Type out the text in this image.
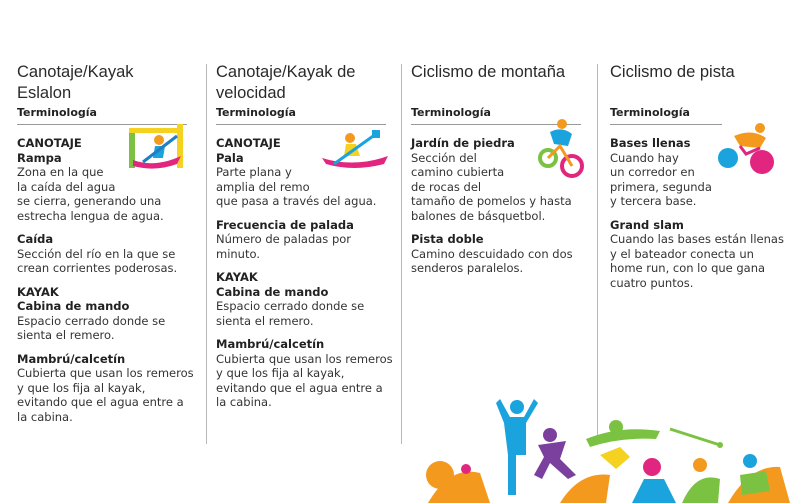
Canotaje/Kayak
Eslalon
Terminología
CANOTAJE
Rampa
Zona en la que
la caída del agua
se cierra, generando una
estrecha lengua de agua.
Caída
Sección del río en la que se
crean corrientes poderosas.
KAYAK
Cabina de mando
Espacio cerrado donde se
sienta el remero.
Mambrú/calcetín
Cubierta que usan los remeros
y que los fija al kayak,
evitando que el agua entre a
la cabina.
Canotaje/Kayak de
velocidad
Terminología
CANOTAJE
Pala
Parte plana y
amplia del remo
que pasa a través del agua.
Frecuencia de palada
Número de paladas por
minuto.
KAYAK
Cabina de mando
Espacio cerrado donde se
sienta el remero.
Mambrú/calcetín
Cubierta que usan los remeros
y que los fija al kayak,
evitando que el agua entre a
la cabina.
Ciclismo de montaña
Terminología
Jardín de piedra
Sección del
camino cubierta
de rocas del
tamaño de pomelos y hasta
balones de básquetbol.
Pista doble
Camino descuidado con dos
senderos paralelos.
Ciclismo de pista
Terminología
Bases llenas
Cuando hay
un corredor en
primera, segunda
y tercera base.
Grand slam
Cuando las bases están llenas
y el bateador conecta un
home run, con lo que gana
cuatro puntos.
